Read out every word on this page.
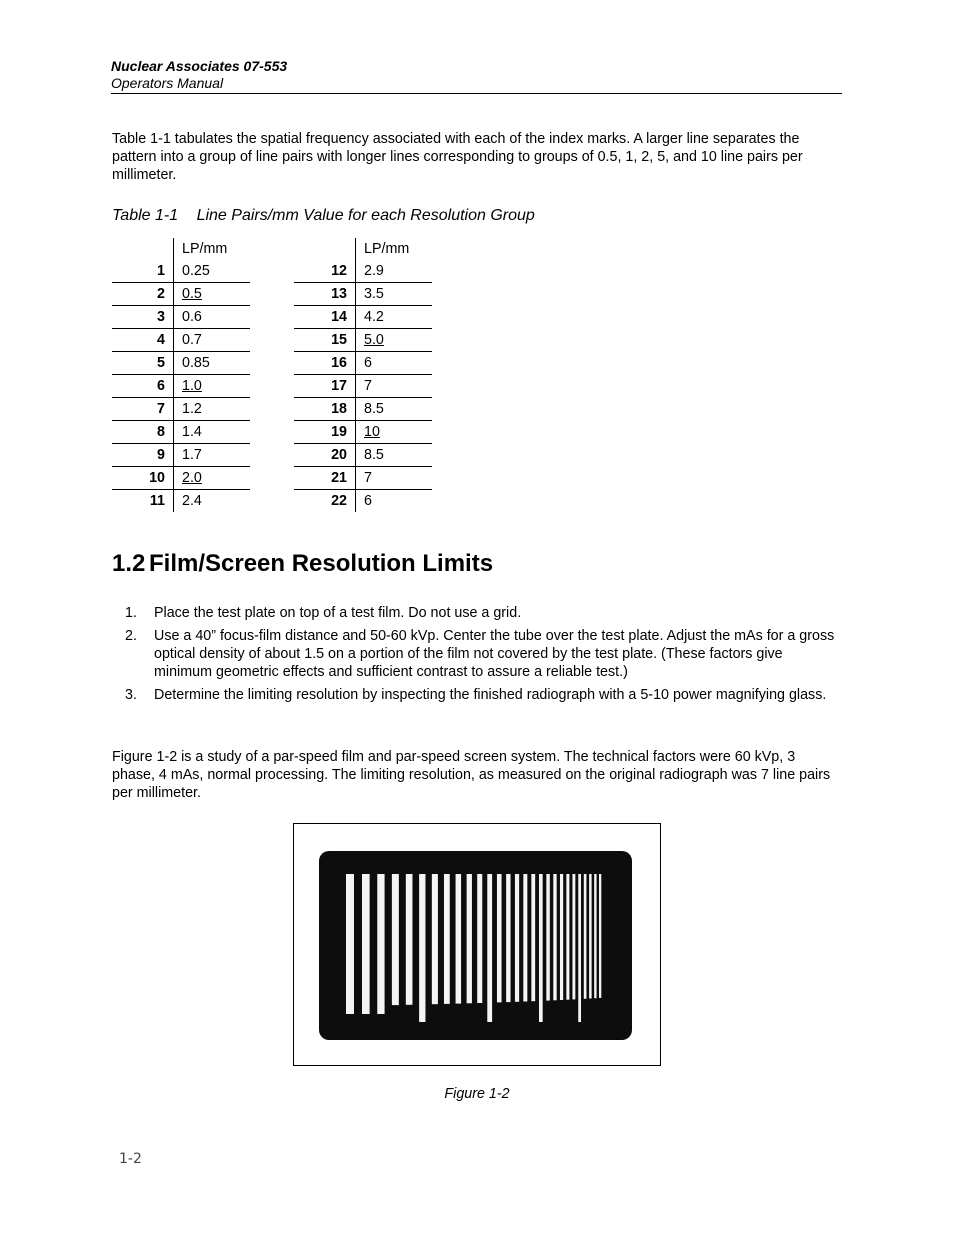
Nuclear Associates 07-553
Operators Manual
Table 1-1 tabulates the spatial frequency associated with each of the index marks. A larger line separates the pattern into a group of line pairs with longer lines corresponding to groups of 0.5, 1, 2, 5, and 10 line pairs per millimeter.
Table 1-1 Line Pairs/mm Value for each Resolution Group
	LP/mm
1	0.25
2	0.5
3	0.6
4	0.7
5	0.85
6	1.0
7	1.2
8	1.4
9	1.7
10	2.0
11	2.4
	LP/mm
12	2.9
13	3.5
14	4.2
15	5.0
16	6
17	7
18	8.5
19	10
20	8.5
21	7
22	6
1.2 Film/Screen Resolution Limits
1. Place the test plate on top of a test film. Do not use a grid.
2. Use a 40” focus-film distance and 50-60 kVp. Center the tube over the test plate. Adjust the mAs for a gross optical density of about 1.5 on a portion of the film not covered by the test plate. (These factors give minimum geometric effects and sufficient contrast to assure a reliable test.)
3. Determine the limiting resolution by inspecting the finished radiograph with a 5-10 power magnifying glass.
Figure 1-2 is a study of a par-speed film and par-speed screen system. The technical factors were 60 kVp, 3 phase, 4 mAs, normal processing. The limiting resolution, as measured on the original radiograph was 7 line pairs per millimeter.
Figure 1-2
1-2
